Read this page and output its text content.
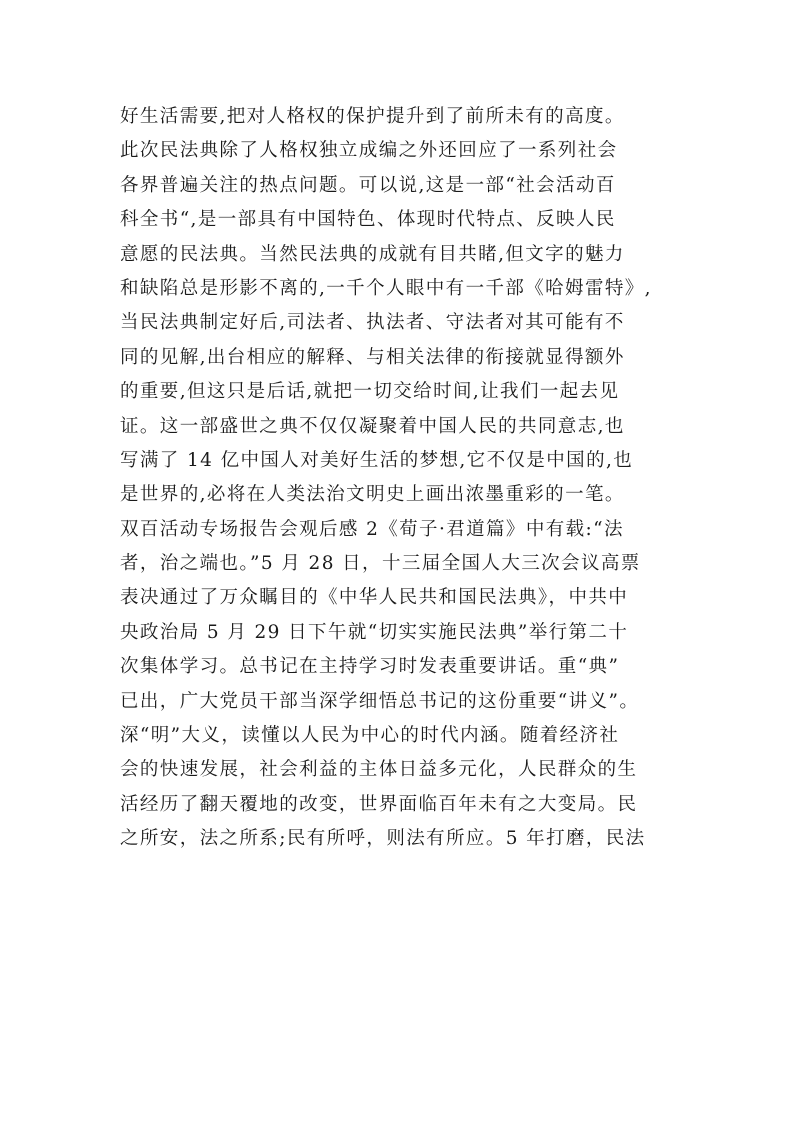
好生活需要,把对人格权的保护提升到了前所未有的高度。
此次民法典除了人格权独立成编之外还回应了一系列社会
各界普遍关注的热点问题。可以说,这是一部“社会活动百
科全书“,是一部具有中国特色、体现时代特点、反映人民
意愿的民法典。当然民法典的成就有目共睹,但文字的魅力
和缺陷总是形影不离的,一千个人眼中有一千部《哈姆雷特》,
当民法典制定好后,司法者、执法者、守法者对其可能有不
同的见解,出台相应的解释、与相关法律的衔接就显得额外
的重要,但这只是后话,就把一切交给时间,让我们一起去见
证。这一部盛世之典不仅仅凝聚着中国人民的共同意志,也
写满了 14 亿中国人对美好生活的梦想,它不仅是中国的,也
是世界的,必将在人类法治文明史上画出浓墨重彩的一笔。
双百活动专场报告会观后感 2《荀子·君道篇》中有载:“法
者，治之端也。”5 月 28 日，十三届全国人大三次会议高票
表决通过了万众瞩目的《中华人民共和国民法典》，中共中
央政治局 5 月 29 日下午就“切实实施民法典”举行第二十
次集体学习。总书记在主持学习时发表重要讲话。重“典”
已出，广大党员干部当深学细悟总书记的这份重要“讲义”。
深“明”大义，读懂以人民为中心的时代内涵。随着经济社
会的快速发展，社会利益的主体日益多元化，人民群众的生
活经历了翻天覆地的改变，世界面临百年未有之大变局。民
之所安，法之所系;民有所呼，则法有所应。5 年打磨，民法
